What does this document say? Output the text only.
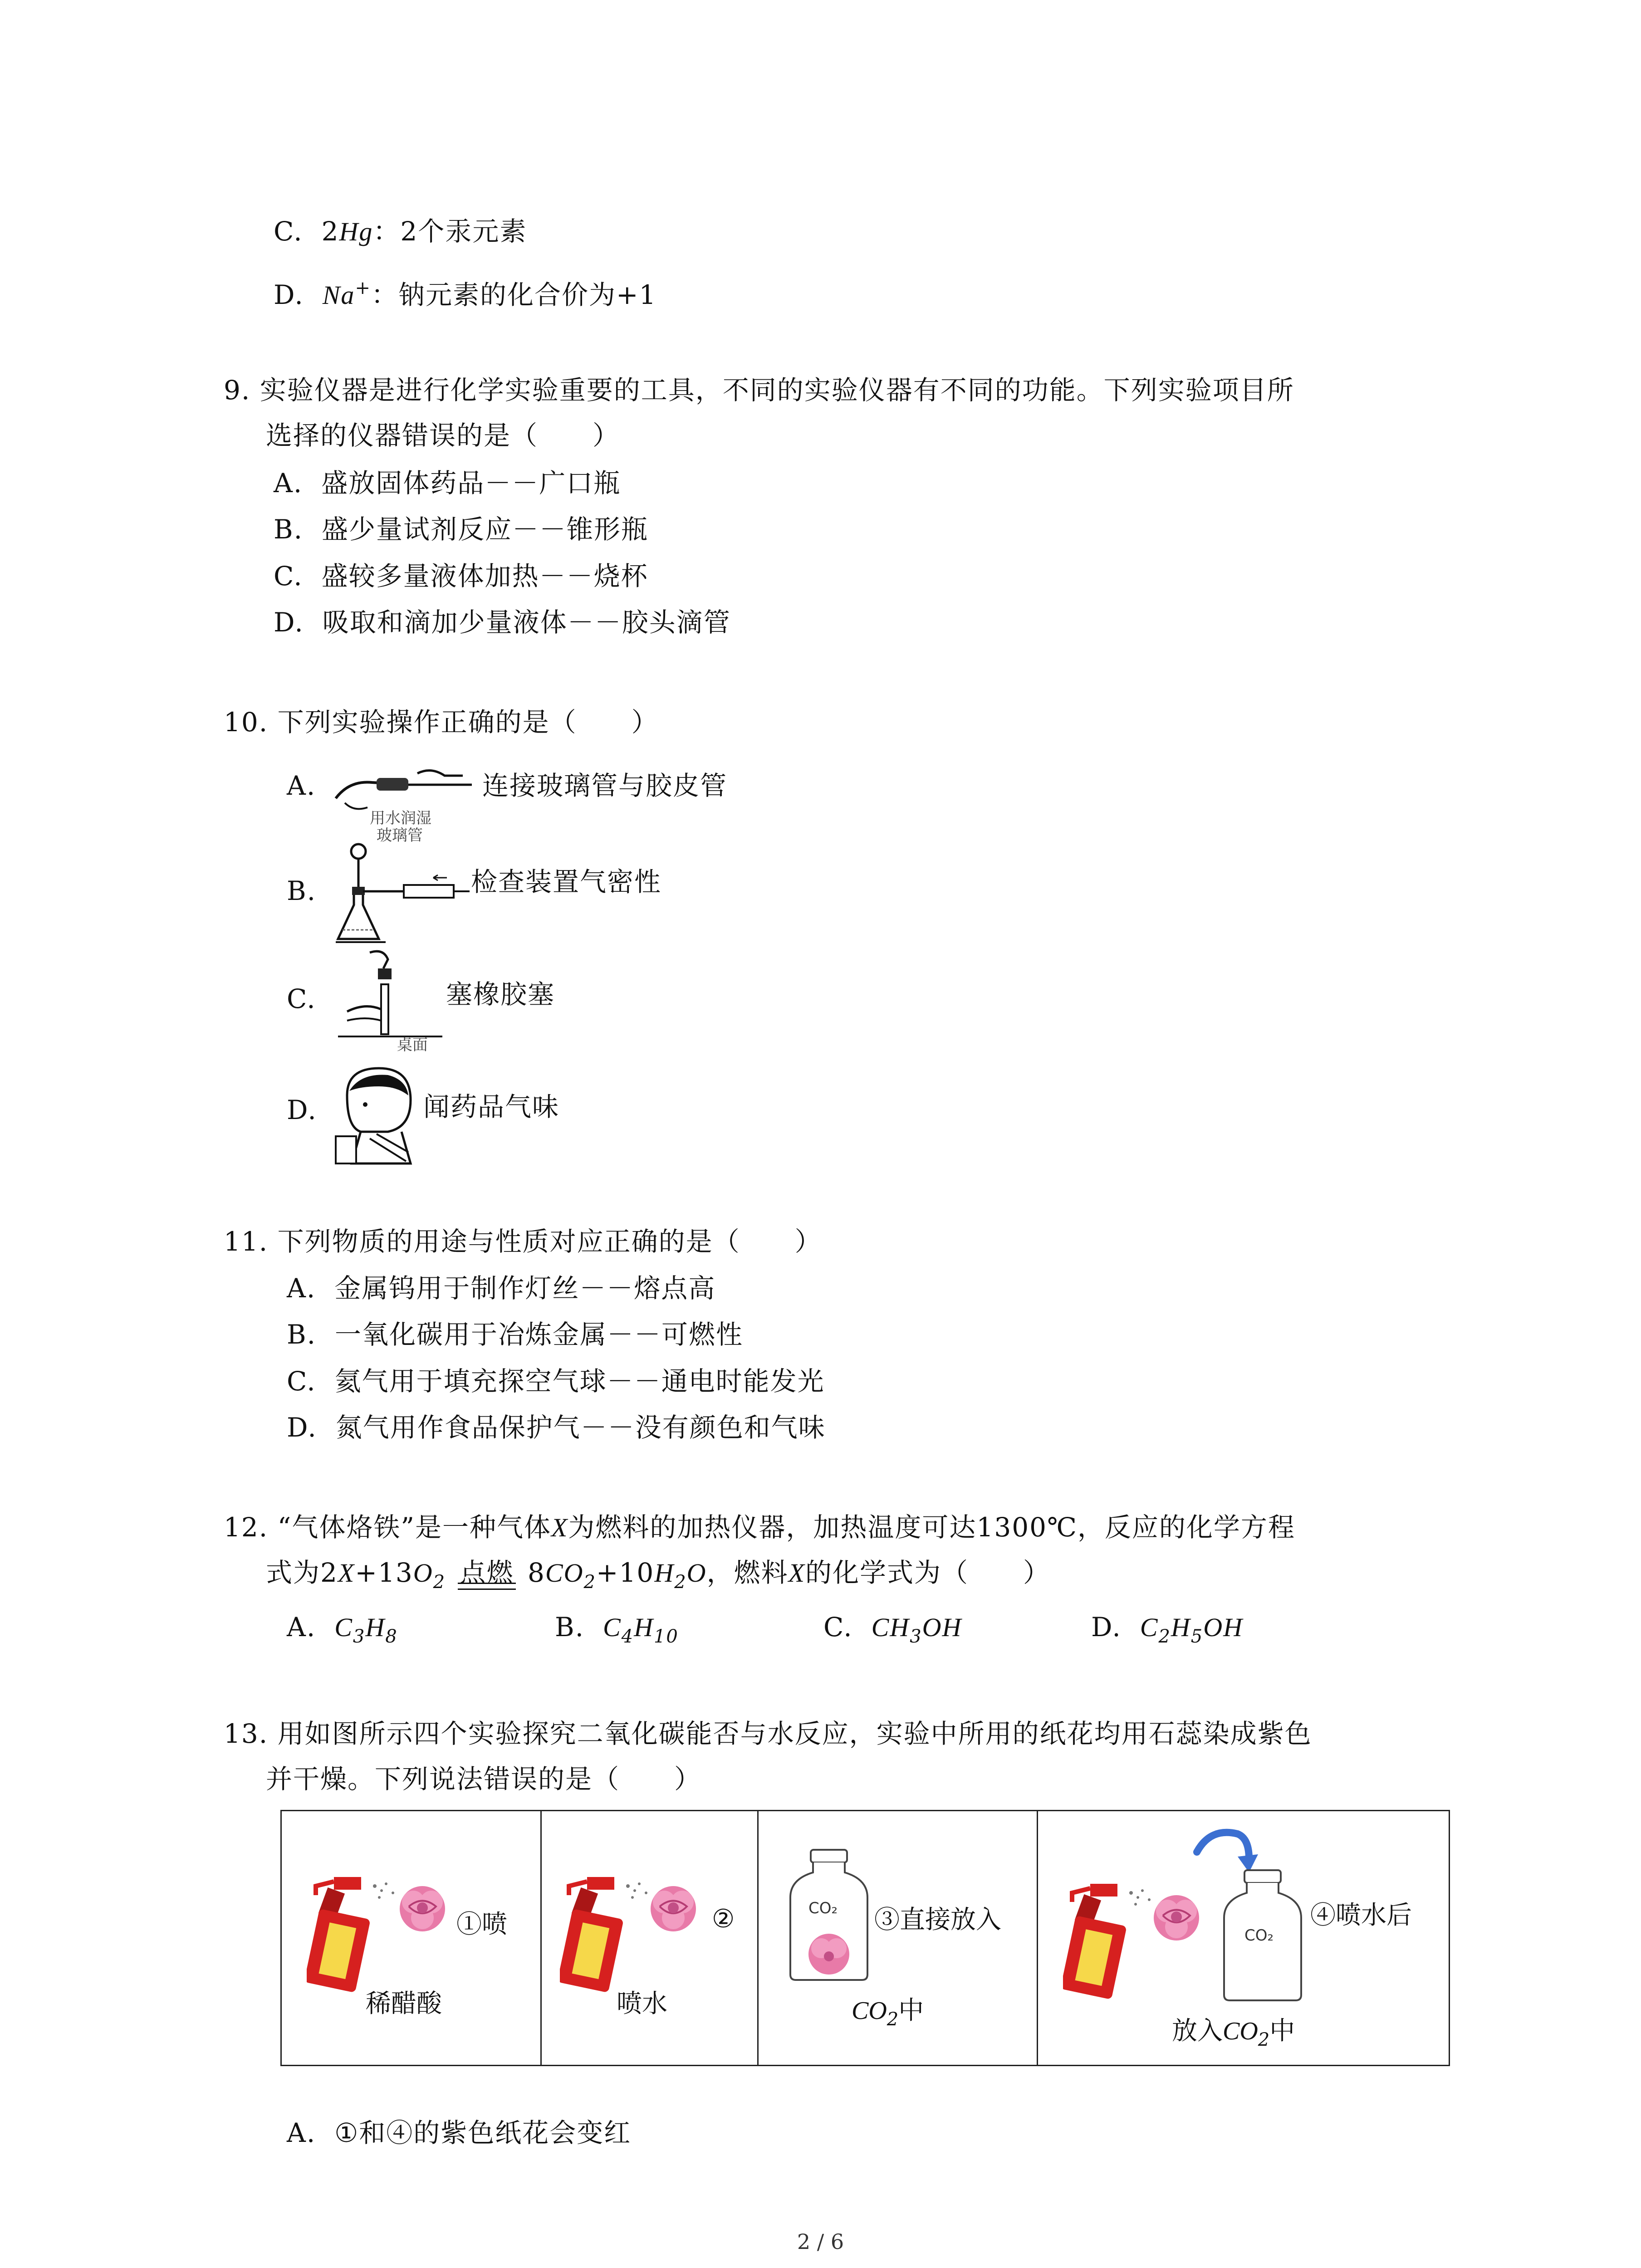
C. 2Hg：2个汞元素
D. Na+：钠元素的化合价为+1
9. 实验仪器是进行化学实验重要的工具，不同的实验仪器有不同的功能。下列实验项目所
选择的仪器错误的是（　　）
A. 盛放固体药品－－广口瓶
B. 盛少量试剂反应－－锥形瓶
C. 盛较多量液体加热－－烧杯
D. 吸取和滴加少量液体－－胶头滴管
10. 下列实验操作正确的是（　　）
A.
用水润湿
玻璃管
连接玻璃管与胶皮管
B.	检查装置气密性
C.
桌面
塞橡胶塞
D.	闻药品气味
11. 下列物质的用途与性质对应正确的是（　　）
A. 金属钨用于制作灯丝－－熔点高
B. 一氧化碳用于冶炼金属－－可燃性
C. 氦气用于填充探空气球－－通电时能发光
D. 氮气用作食品保护气－－没有颜色和气味
12. “气体烙铁”是一种气体X为燃料的加热仪器，加热温度可达1300℃，反应的化学方程
式为$2X+13O_2$ 点燃 $8CO_2+10H_2O$，燃料X的化学式为（　　）
A. $C_3H_8$	B. $C_4H_{10}$	C. $CH_3OH$	D. $C_2H_5OH$
13. 用如图所示四个实验探究二氧化碳能否与水反应，实验中所用的纸花均用石蕊染成紫色
并干燥。下列说法错误的是（　　）
①喷
稀醋酸
②
喷水
CO₂ ③直接放入
$CO_2$中
CO₂
④喷水后
放入$CO_2$中
A. ①和④的紫色纸花会变红
2 / 6
